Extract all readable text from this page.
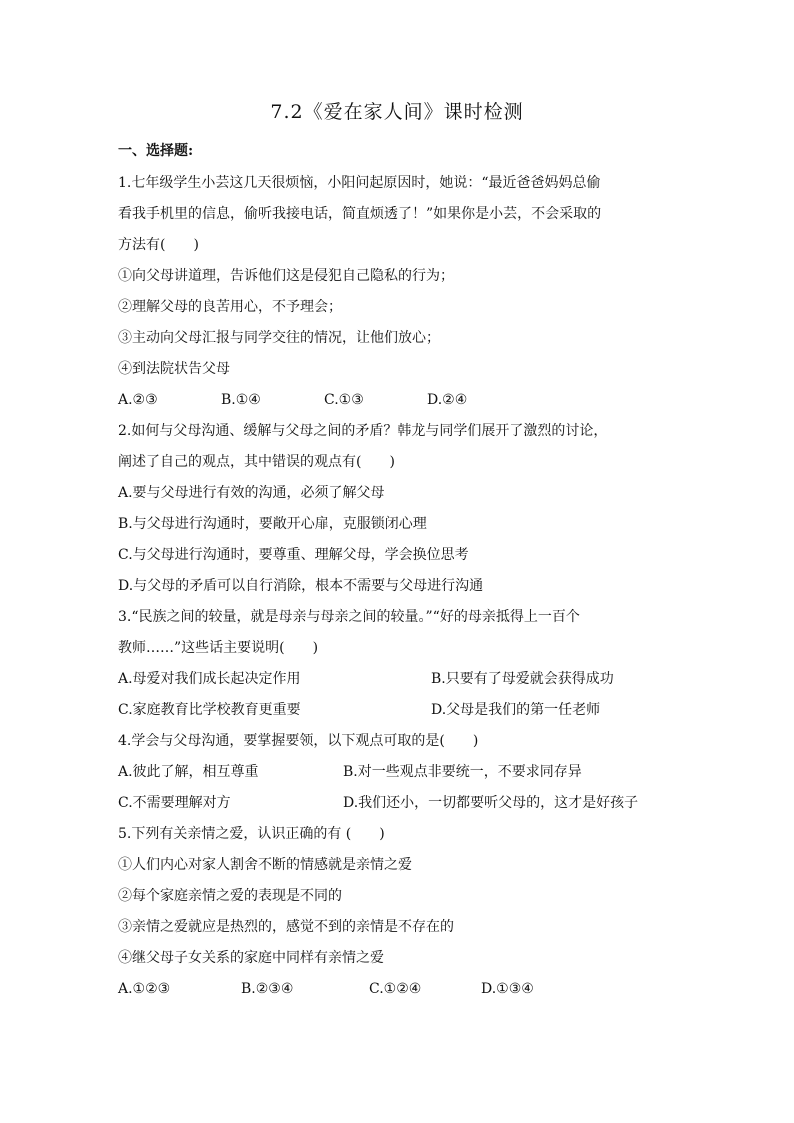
7.2《爱在家人间》课时检测
一、选择题:
1.七年级学生小芸这几天很烦恼，小阳问起原因时，她说：“最近爸爸妈妈总偷
看我手机里的信息，偷听我接电话，简直烦透了！”如果你是小芸，不会采取的
方法有(　　)
①向父母讲道理，告诉他们这是侵犯自己隐私的行为；
②理解父母的良苦用心，不予理会；
③主动向父母汇报与同学交往的情况，让他们放心；
④到法院状告父母
A.②③	B.①④	C.①③	D.②④
2.如何与父母沟通、缓解与父母之间的矛盾？韩龙与同学们展开了激烈的讨论，
阐述了自己的观点，其中错误的观点有(　　)
A.要与父母进行有效的沟通，必须了解父母
B.与父母进行沟通时，要敞开心扉，克服锁闭心理
C.与父母进行沟通时，要尊重、理解父母，学会换位思考
D.与父母的矛盾可以自行消除，根本不需要与父母进行沟通
3.“民族之间的较量，就是母亲与母亲之间的较量。”“好的母亲抵得上一百个
教师……”这些话主要说明(　　)
A.母爱对我们成长起决定作用	B.只要有了母爱就会获得成功
C.家庭教育比学校教育更重要	D.父母是我们的第一任老师
4.学会与父母沟通，要掌握要领，以下观点可取的是(　　)
A.彼此了解，相互尊重	B.对一些观点非要统一，不要求同存异
C.不需要理解对方	D.我们还小，一切都要听父母的，这才是好孩子
5.下列有关亲情之爱，认识正确的有 (　　)
①人们内心对家人割舍不断的情感就是亲情之爱
②每个家庭亲情之爱的表现是不同的
③亲情之爱就应是热烈的，感觉不到的亲情是不存在的
④继父母子女关系的家庭中同样有亲情之爱
A.①②③	B.②③④	C.①②④	D.①③④
